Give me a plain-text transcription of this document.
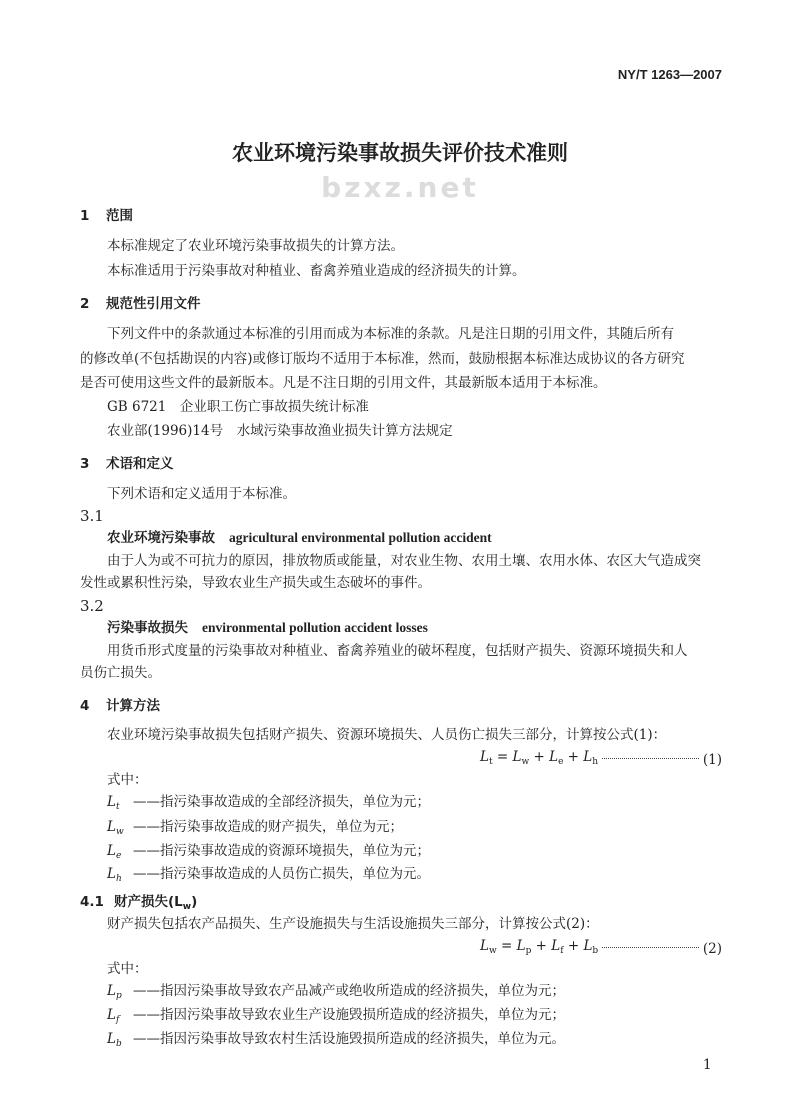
NY/T 1263—2007
农业环境污染事故损失评价技术准则
bzxz.net
1 范围
本标准规定了农业环境污染事故损失的计算方法。
本标准适用于污染事故对种植业、畜禽养殖业造成的经济损失的计算。
2 规范性引用文件
下列文件中的条款通过本标准的引用而成为本标准的条款。凡是注日期的引用文件，其随后所有
的修改单(不包括勘误的内容)或修订版均不适用于本标准，然而，鼓励根据本标准达成协议的各方研究
是否可使用这些文件的最新版本。凡是不注日期的引用文件，其最新版本适用于本标准。
GB 6721　企业职工伤亡事故损失统计标准
农业部(1996)14号　水域污染事故渔业损失计算方法规定
3 术语和定义
下列术语和定义适用于本标准。
3.1
农业环境污染事故 agricultural environmental pollution accident
由于人为或不可抗力的原因，排放物质或能量，对农业生物、农用土壤、农用水体、农区大气造成突
发性或累积性污染，导致农业生产损失或生态破坏的事件。
3.2
污染事故损失 environmental pollution accident losses
用货币形式度量的污染事故对种植业、畜禽养殖业的破坏程度，包括财产损失、资源环境损失和人
员伤亡损失。
4 计算方法
农业环境污染事故损失包括财产损失、资源环境损失、人员伤亡损失三部分，计算按公式(1)：
$L_t = L_w + L_e + L_h$	(1)
式中：
$L_t$ ——指污染事故造成的全部经济损失，单位为元；
$L_w$ ——指污染事故造成的财产损失，单位为元；
$L_e$ ——指污染事故造成的资源环境损失，单位为元；
$L_h$ ——指污染事故造成的人员伤亡损失，单位为元。
4.1 财产损失$(L_w)$
财产损失包括农产品损失、生产设施损失与生活设施损失三部分，计算按公式(2)：
$L_w = L_p + L_f + L_b$	(2)
式中：
$L_p$ ——指因污染事故导致农产品减产或绝收所造成的经济损失，单位为元；
$L_f$ ——指因污染事故导致农业生产设施毁损所造成的经济损失，单位为元；
$L_b$ ——指因污染事故导致农村生活设施毁损所造成的经济损失，单位为元。
1
